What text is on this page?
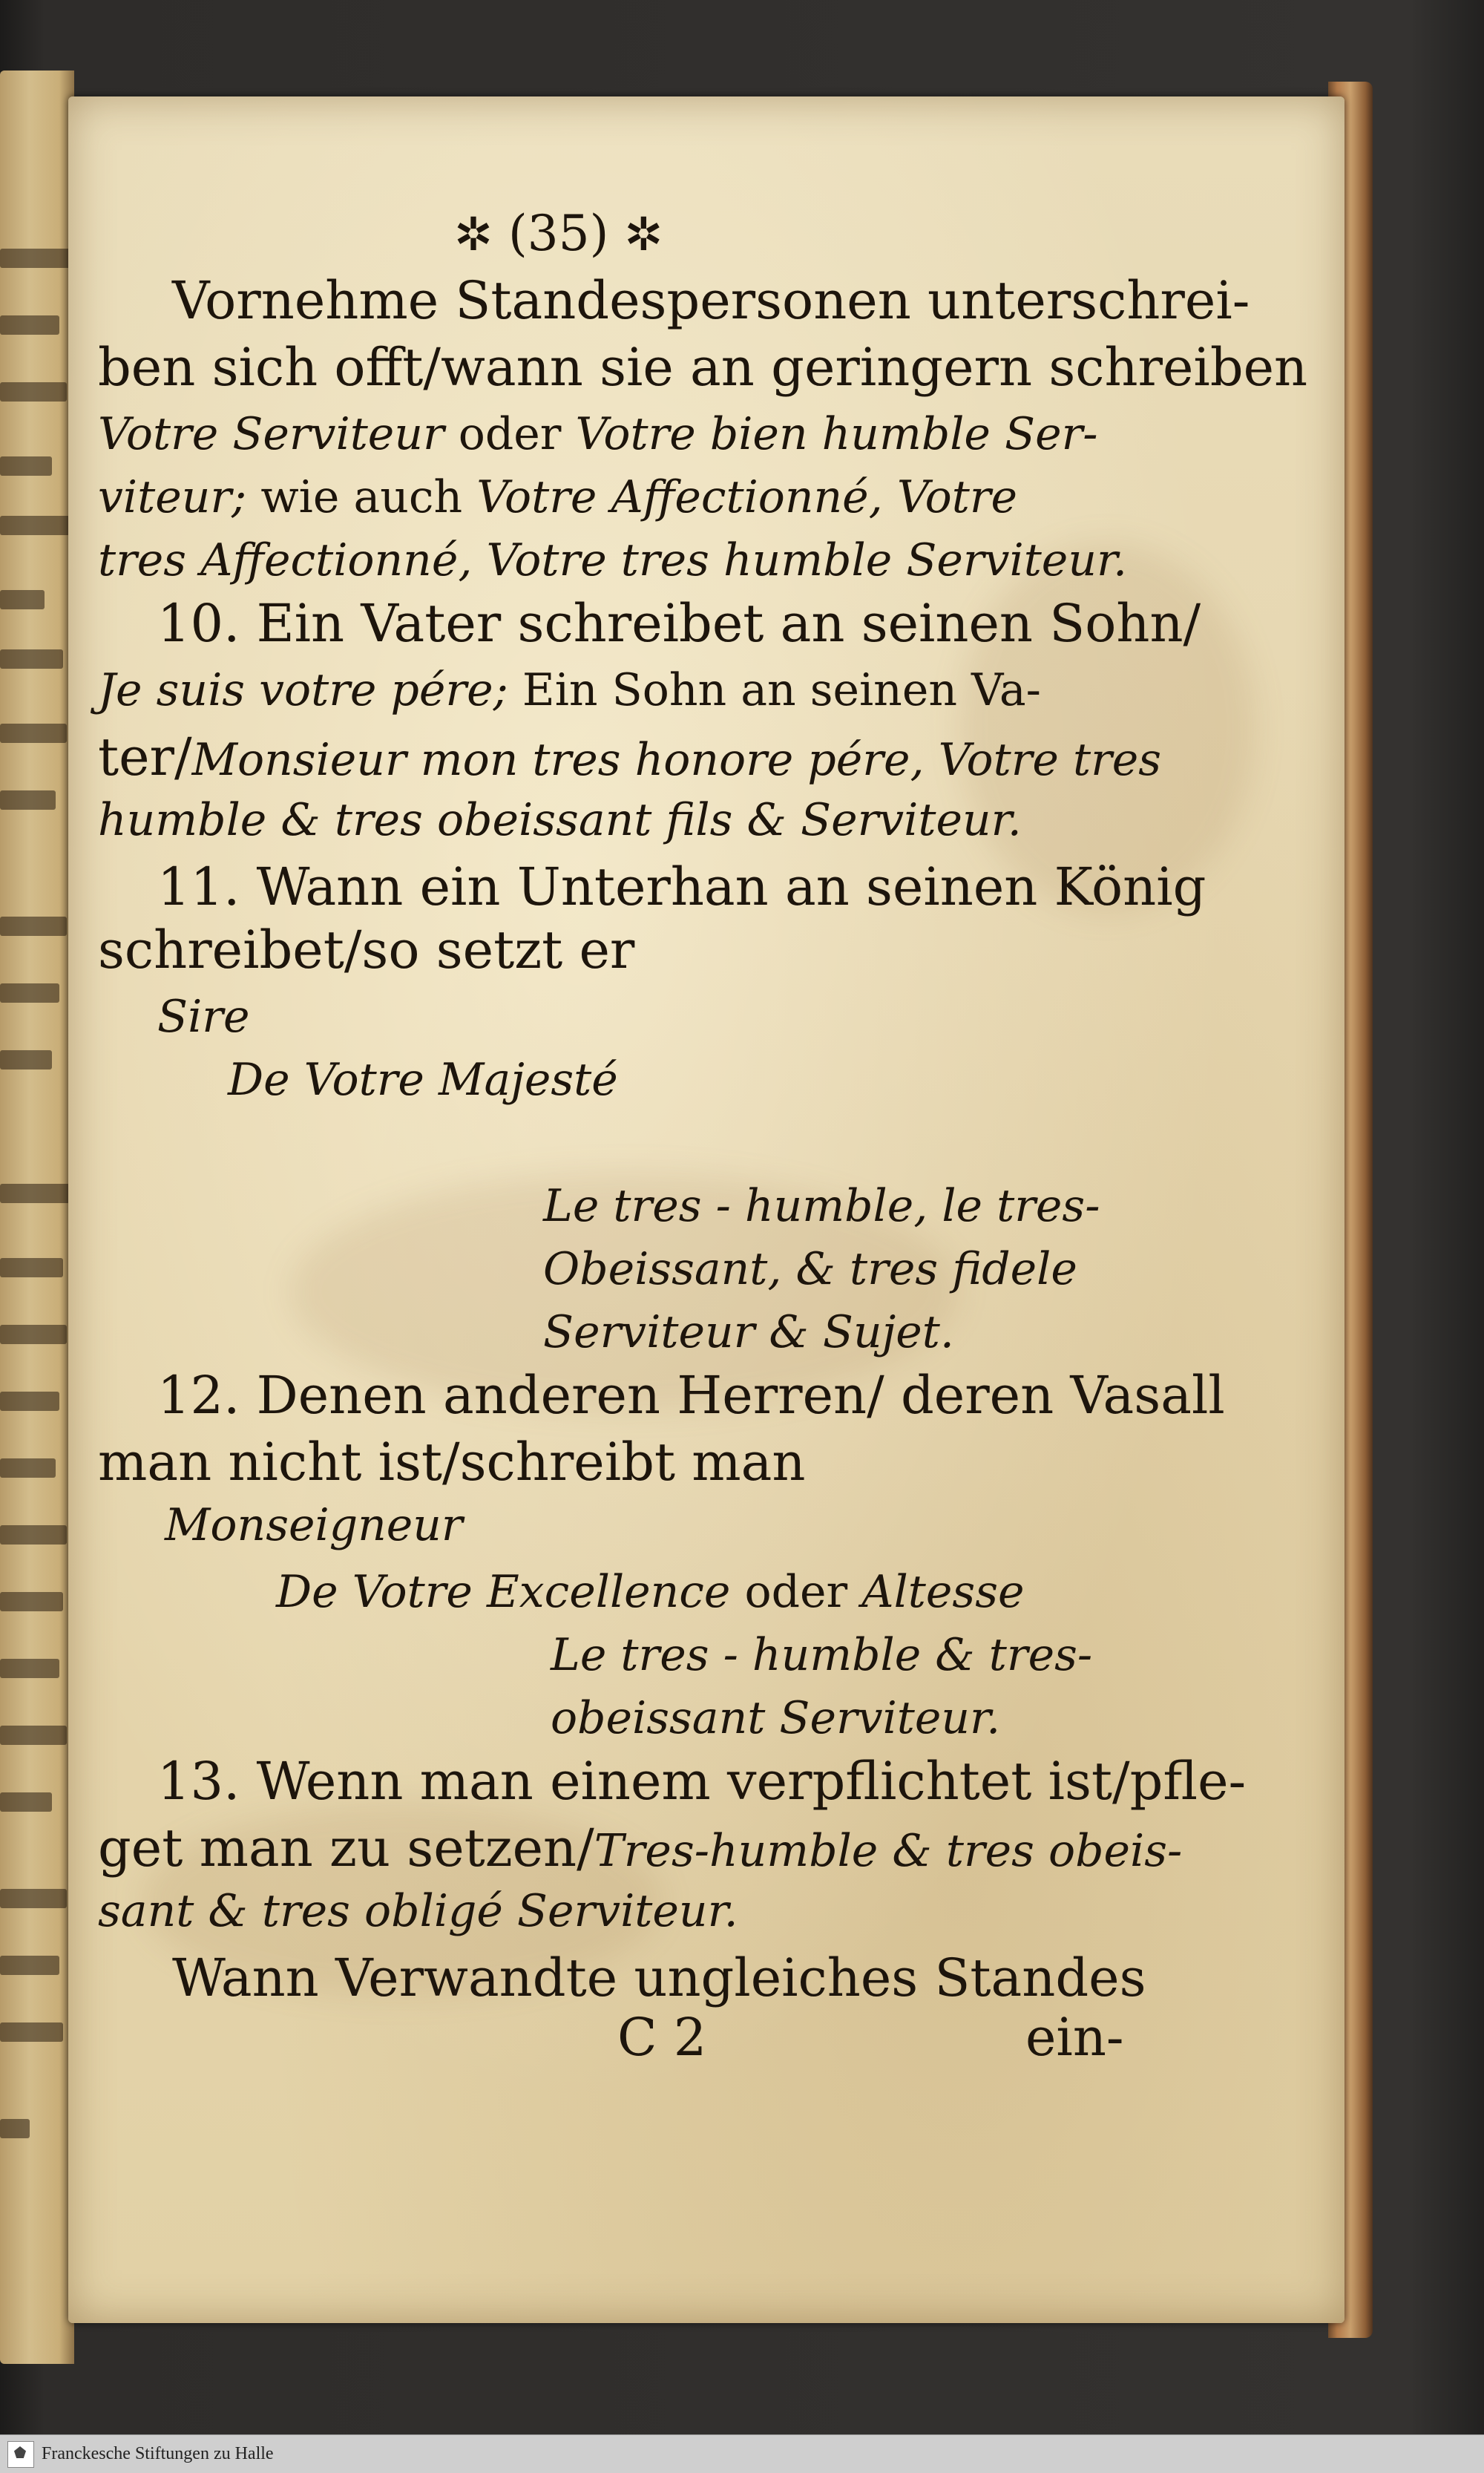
✲ (35) ✲

Vornehme Standespersonen unterschrei-

ben sich offt/wann sie an geringern schreiben

Votre Serviteur oder Votre bien humble Ser-

viteur; wie auch Votre Affectionné, Votre

tres Affectionné, Votre tres humble Serviteur.

10. Ein Vater schreibet an seinen Sohn/

Je suis votre pére; Ein Sohn an seinen Va-

ter/Monsieur mon tres honore pére, Votre tres

humble & tres obeissant fils & Serviteur.

11. Wann ein Unterhan an seinen König

schreibet/so setzt er

Sire

De Votre Majesté

Le tres - humble, le tres-

Obeissant, & tres fidele

Serviteur & Sujet.

12. Denen anderen Herren/ deren Vasall

man nicht ist/schreibt man

Monseigneur

De Votre Excellence oder Altesse

Le tres - humble & tres-

obeissant Serviteur.

13. Wenn man einem verpflichtet ist/pfle-

get man zu setzen/Tres-humble & tres obeis-

sant & tres obligé Serviteur.

Wann Verwandte ungleiches Standes

C 2	ein-

Franckesche Stiftungen zu Halle
